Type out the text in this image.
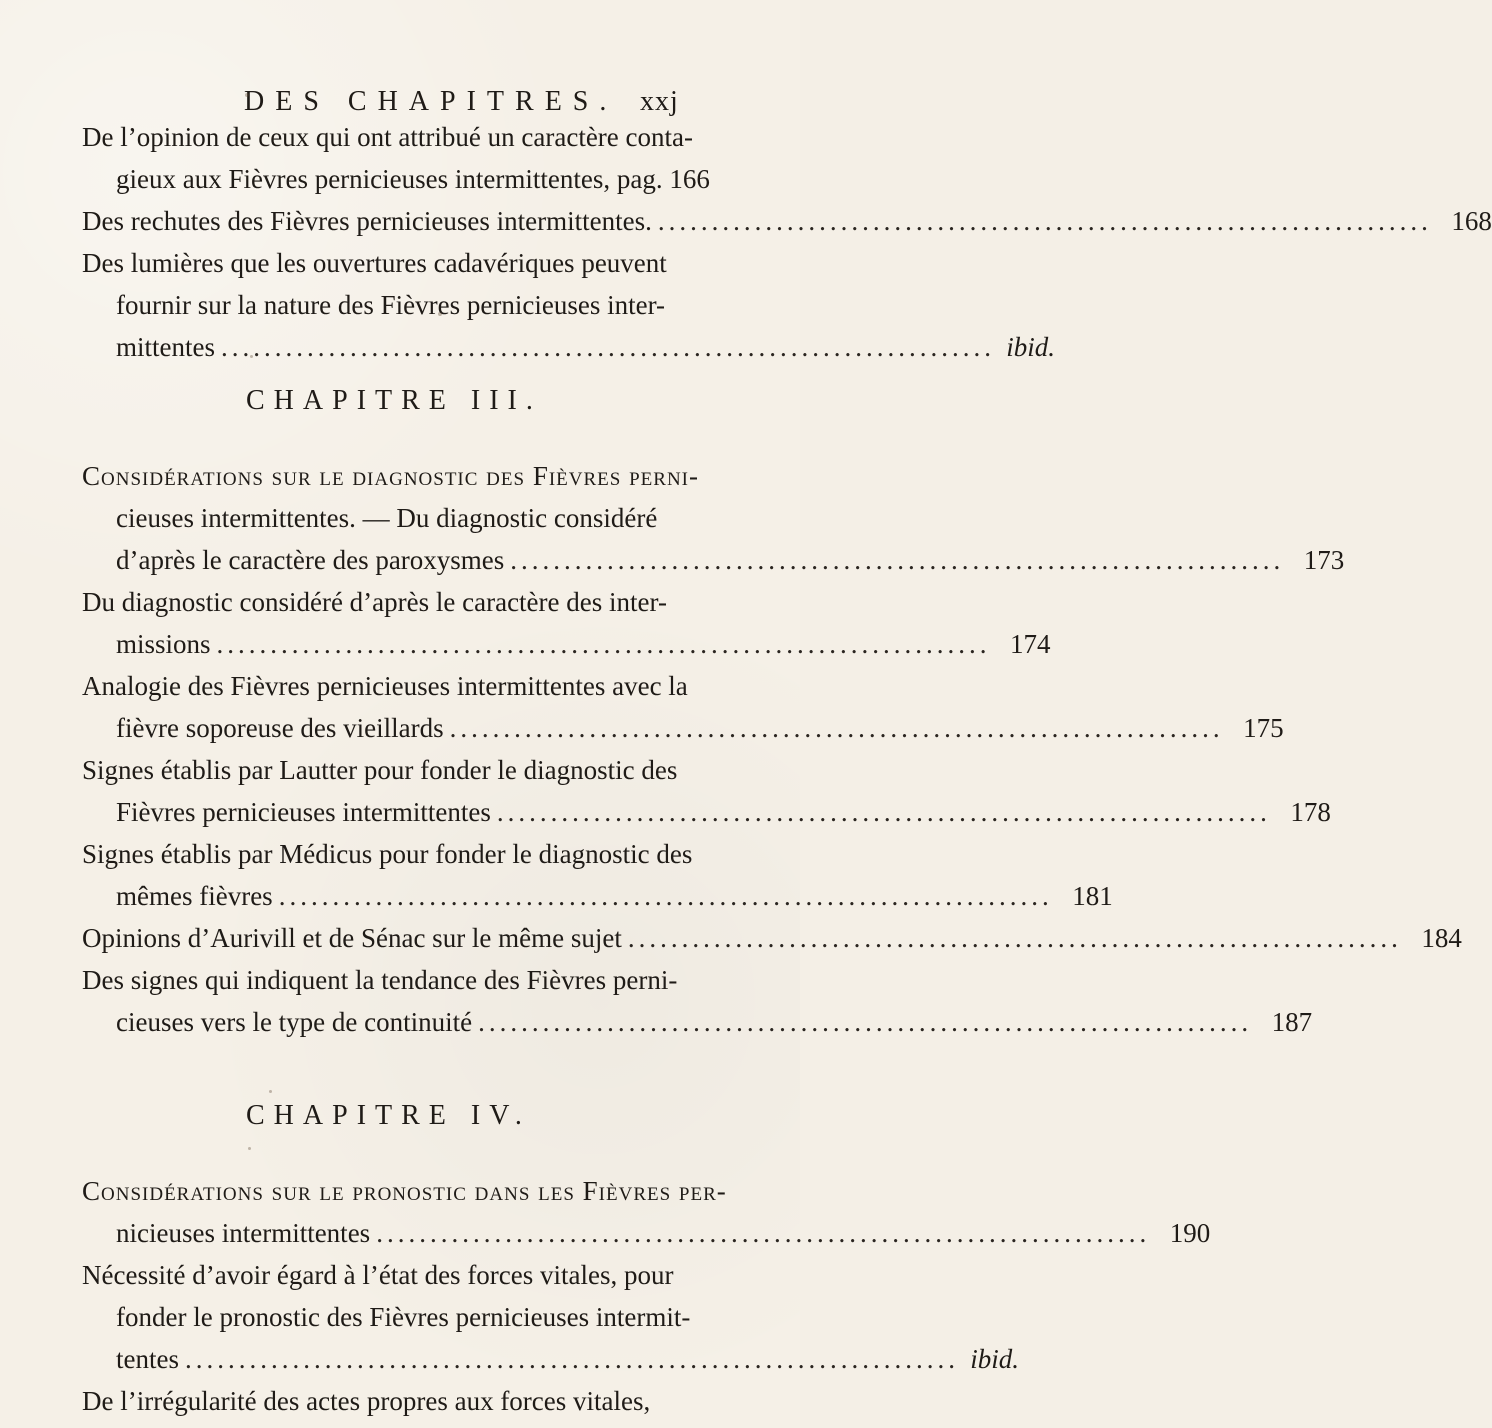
DES CHAPITRES. xxj
De l’opinion de ceux qui ont attribué un caractère conta-
gieux aux Fièvres pernicieuses intermittentes, pag. 166
Des rechutes des Fièvres pernicieuses intermittentes. ........................................................................ 168
Des lumières que les ouvertures cadavériques peuvent
fournir sur la nature des Fièvres pernicieuses inter-
mittentes ........................................................................ ibid.
CHAPITRE III.
Considérations sur le diagnostic des Fièvres perni-
cieuses intermittentes. — Du diagnostic considéré
d’après le caractère des paroxysmes ........................................................................ 173
Du diagnostic considéré d’après le caractère des inter-
missions ........................................................................ 174
Analogie des Fièvres pernicieuses intermittentes avec la
fièvre soporeuse des vieillards ........................................................................ 175
Signes établis par Lautter pour fonder le diagnostic des
Fièvres pernicieuses intermittentes ........................................................................ 178
Signes établis par Médicus pour fonder le diagnostic des
mêmes fièvres ........................................................................ 181
Opinions d’Aurivill et de Sénac sur le même sujet ........................................................................ 184
Des signes qui indiquent la tendance des Fièvres perni-
cieuses vers le type de continuité ........................................................................ 187
CHAPITRE IV.
Considérations sur le pronostic dans les Fièvres per-
nicieuses intermittentes ........................................................................ 190
Nécessité d’avoir égard à l’état des forces vitales, pour
fonder le pronostic des Fièvres pernicieuses intermit-
tentes ........................................................................ ibid.
De l’irrégularité des actes propres aux forces vitales,
